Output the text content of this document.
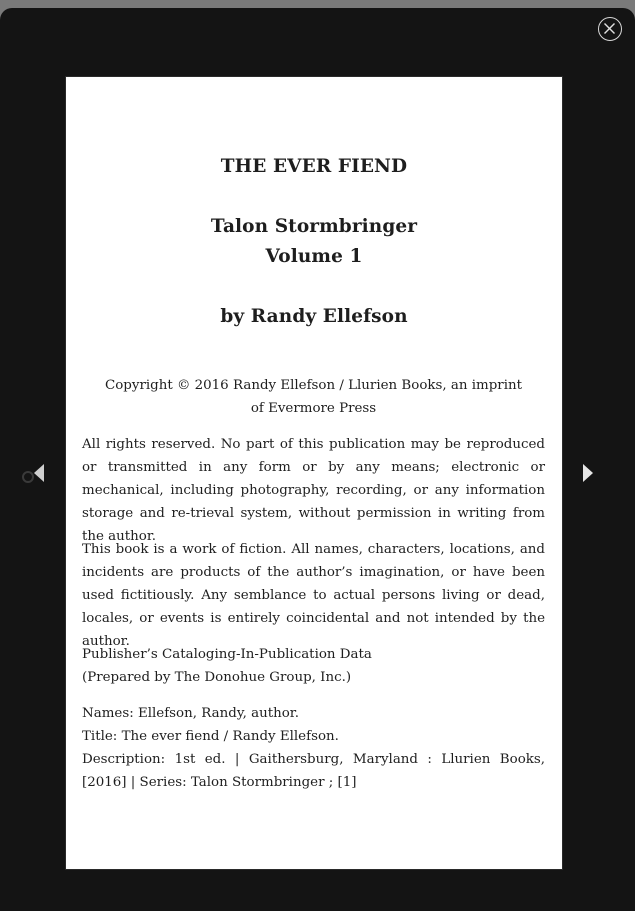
THE EVER FIEND
Talon Stormbringer
Volume 1
by Randy Ellefson

Copyright © 2016 Randy Ellefson / Llurien Books, an imprint

of Evermore Press

All rights reserved. No part of this publication may be reproduced or transmitted in any form or by any means; electronic or mechanical, including photography, recording, or any information storage and re-trieval system, without permission in writing from the author.

This book is a work of fiction. All names, characters, locations, and incidents are products of the author’s imagination, or have been used fictitiously. Any semblance to actual persons living or dead, locales, or events is entirely coincidental and not intended by the author.

Publisher’s Cataloging-In-Publication Data

(Prepared by The Donohue Group, Inc.)

Names: Ellefson, Randy, author.

Title: The ever fiend / Randy Ellefson.

Description: 1st ed. | Gaithersburg, Maryland : Llurien Books, [2016] | Series: Talon Stormbringer ; [1]
